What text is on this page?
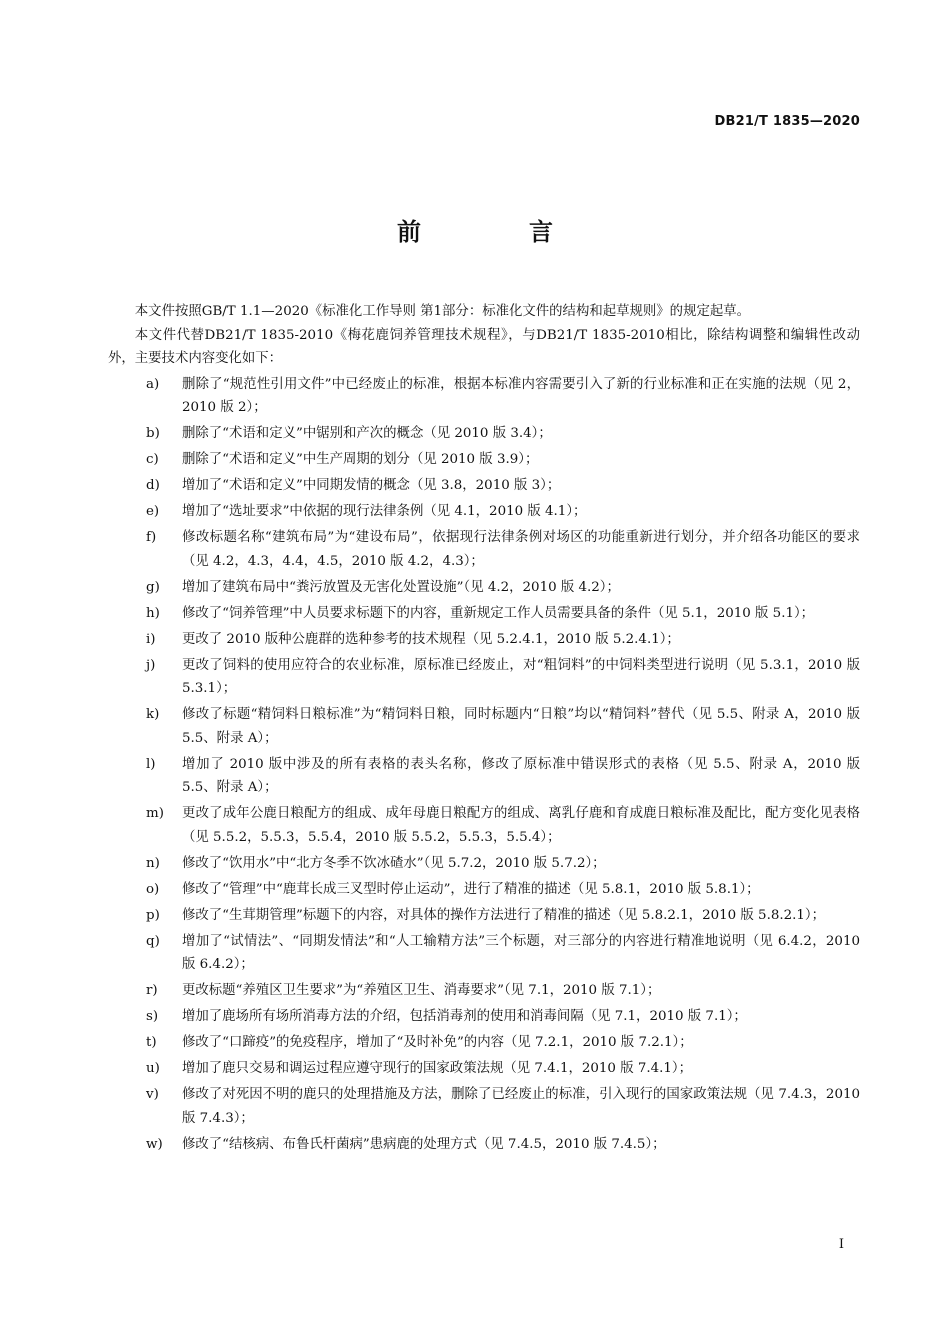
DB21/T 1835—2020
前　言

本文件按照GB/T 1.1—2020《标准化工作导则 第1部分：标准化文件的结构和起草规则》的规定起草。

本文件代替DB21/T 1835-2010《梅花鹿饲养管理技术规程》，与DB21/T 1835-2010相比，除结构调整和编辑性改动外，主要技术内容变化如下：

a) 删除了“规范性引用文件”中已经废止的标准，根据本标准内容需要引入了新的行业标准和正在实施的法规（见 2，2010 版 2）；
b) 删除了“术语和定义”中锯别和产次的概念（见 2010 版 3.4）；
c) 删除了“术语和定义”中生产周期的划分（见 2010 版 3.9）；
d) 增加了“术语和定义”中同期发情的概念（见 3.8，2010 版 3）；
e) 增加了“选址要求”中依据的现行法律条例（见 4.1，2010 版 4.1）；
f) 修改标题名称“建筑布局”为“建设布局”，依据现行法律条例对场区的功能重新进行划分，并介绍各功能区的要求（见 4.2，4.3，4.4，4.5，2010 版 4.2，4.3）；
g) 增加了建筑布局中“粪污放置及无害化处置设施”（见 4.2，2010 版 4.2）；
h) 修改了“饲养管理”中人员要求标题下的内容，重新规定工作人员需要具备的条件（见 5.1，2010 版 5.1）；
i) 更改了 2010 版种公鹿群的选种参考的技术规程（见 5.2.4.1，2010 版 5.2.4.1）；
j) 更改了饲料的使用应符合的农业标准，原标准已经废止，对“粗饲料”的中饲料类型进行说明（见 5.3.1，2010 版 5.3.1）；
k) 修改了标题“精饲料日粮标准”为“精饲料日粮，同时标题内“日粮”均以“精饲料”替代（见 5.5、附录 A，2010 版 5.5、附录 A）；
l) 增加了 2010 版中涉及的所有表格的表头名称，修改了原标准中错误形式的表格（见 5.5、附录 A，2010 版 5.5、附录 A）；
m) 更改了成年公鹿日粮配方的组成、成年母鹿日粮配方的组成、离乳仔鹿和育成鹿日粮标准及配比，配方变化见表格（见 5.5.2，5.5.3，5.5.4，2010 版 5.5.2，5.5.3，5.5.4）；
n) 修改了“饮用水”中“北方冬季不饮冰碴水”（见 5.7.2，2010 版 5.7.2）；
o) 修改了“管理”中“鹿茸长成三叉型时停止运动”，进行了精准的描述（见 5.8.1，2010 版 5.8.1）；
p) 修改了“生茸期管理”标题下的内容，对具体的操作方法进行了精准的描述（见 5.8.2.1，2010 版 5.8.2.1）；
q) 增加了“试情法”、“同期发情法”和“人工输精方法”三个标题，对三部分的内容进行精准地说明（见 6.4.2，2010 版 6.4.2）；
r) 更改标题“养殖区卫生要求”为“养殖区卫生、消毒要求”（见 7.1，2010 版 7.1）；
s) 增加了鹿场所有场所消毒方法的介绍，包括消毒剂的使用和消毒间隔（见 7.1，2010 版 7.1）；
t) 修改了“口蹄疫”的免疫程序，增加了“及时补免”的内容（见 7.2.1，2010 版 7.2.1）；
u) 增加了鹿只交易和调运过程应遵守现行的国家政策法规（见 7.4.1，2010 版 7.4.1）；
v) 修改了对死因不明的鹿只的处理措施及方法，删除了已经废止的标准，引入现行的国家政策法规（见 7.4.3，2010 版 7.4.3）；
w) 修改了“结核病、布鲁氏杆菌病”患病鹿的处理方式（见 7.4.5，2010 版 7.4.5）；
I
